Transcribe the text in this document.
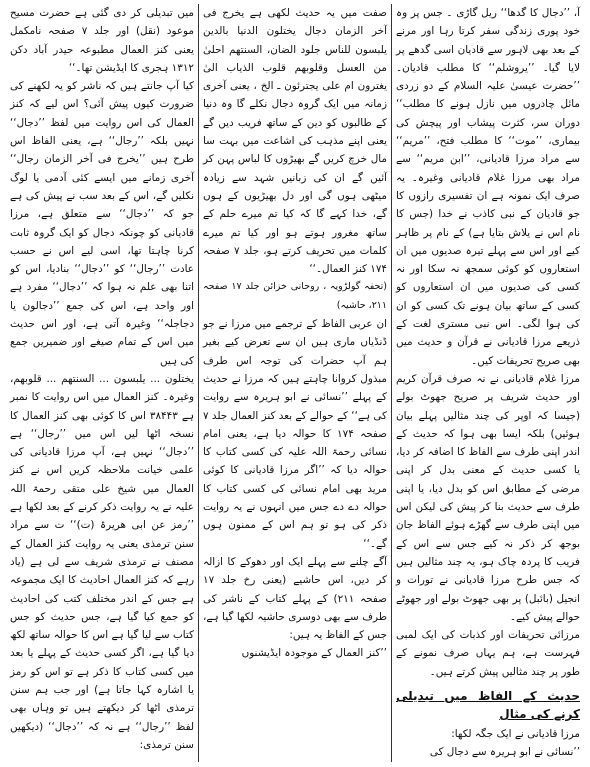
آ، ’’دجال کا گدھا‘‘ ریل گاڑی ۔ جس پر وہ خود پوری زندگی سفر کرتا رہا اور مرنے کے بعد بھی لاہور سے قادیان اسی گدھے پر لایا گیا۔ ’’یروشلم‘‘ کا مطلب قادیان۔ ’’حضرت عیسیٰ علیہ السلام کے دو زردی مائل چادروں میں نازل ہونے کا مطلب‘‘ دوران سر، کثرت پیشاب اور پیچش کی بیماری، ’’موت‘‘ کا مطلب فتح، ’’مریم‘‘ سے مراد مرزا قادیانی، ’’ابن مریم‘‘ سے مراد بھی مرزا غلام قادیانی وغیرہ۔ یہ صرف ایک نمونہ ہے ان تفسیری رازوں کا جو قادیان کے نبی کاذب نے خدا (جس کا نام اس نے یلاش بتایا ہے) کے نام پر ظاہر کیے اور اس سے پہلے تیرہ صدیوں میں ان استعاروں کو کوئی سمجھ نہ سکا اور نہ کسی کی صدیوں میں ان استعاروں کو کسی کے ساتھ بیان ہونے تک کسی کو ان کی ہوا لگی۔ اس نبی مستری لغت کے ذریعے مرزا قادیانی نے قرآن و حدیث میں بھی صریح تحریفات کیں۔

مرزا غلام قادیانی نے نہ صرف قرآن کریم اور حدیث شریف پر صریح جھوٹ بولے (جیسا کہ اوپر کی چند مثالیں پہلے بیان ہوئیں) بلکہ ایسا بھی ہوا کہ حدیث کے اندر اپنی طرف سے الفاظ کا اضافہ کر دیا، یا کسی حدیث کے معنی بدل کر اپنی مرضی کے مطابق اس کو بدل دیا، یا اپنی طرف سے حدیث بنا کر پیش کی لیکن اس میں اپنی طرف سے گھڑے ہوئے الفاظ جان بوجھ کر ذکر نہ کیے جس سے اس کے فریب کا پردہ چاک ہو، یہ چند مثالیں ہیں کہ جس طرح مرزا قادیانی نے تورات و انجیل (بائبل) پر بھی جھوٹ بولے اور جھوٹے حوالے پیش کیے۔

مرزائی تحریفات اور کذبات کی ایک لمبی فہرست ہے، ہم یہاں صرف نمونے کے طور پر چند مثالیں پیش کرتے ہیں۔

حدیث کے الفاظ میں تبدیلی کرنے کی مثال

مرزا قادیانی نے ایک جگہ لکھا:

’’نسائی نے ابو ہریرہ سے دجال کی

صفت میں یہ حدیث لکھی ہے یخرج فی آخر الزمان دجال یختلون الدنیا بالدین یلبسون للناس جلود الضان، السنتھم احلیٰ من العسل وقلوبھم قلوب الذیاب الیٰ یغترون ام علی یجترئون ـ الخ ، یعنی آخری زمانہ میں ایک گروہ دجال نکلے گا وہ دنیا کے طالبوں کو دین کے ساتھ فریب دیں گے یعنی اپنے مذہب کی اشاعت میں بہت سا مال خرچ کریں گے بھیڑوں کا لباس پہن کر آئیں گے ان کی زبانیں شہد سے زیادہ میٹھی ہوں گی اور دل بھیڑیوں کے ہوں گے، خدا کہے گا کہ کیا تم میرے حلم کے ساتھ مغرور ہوتے ہو اور کیا تم میرے کلمات میں تحریف کرتے ہو، جلد ۷ صفحہ ۱۷۴ کنز العمال۔‘‘

(تحفہ گولڑویہ ، روحانی خزائن جلد ۱۷ صفحہ ۲۱۱، حاشیہ)

ان عربی الفاظ کے ترجمے میں مرزا نے جو ڈنڈیاں ماری ہیں ان سے تعرض کیے بغیر ہم آپ حضرات کی توجہ اس طرف مبذول کروانا چاہتے ہیں کہ مرزا نے حدیث کے پہلے ’’نسائی نے ابو ہریرہ سے روایت کی ہے‘‘ کے حوالے کے بعد کنز العمال جلد ۷ صفحہ ۱۷۴ کا حوالہ دیا ہے، یعنی امام نسائی رحمۃ اللہ علیہ کی کسی کتاب کا حوالہ دیا کہ ’’اگر مرزا قادیانی کا کوئی مرید بھی امام نسائی کی کسی کتاب کا حوالہ دے دے جس میں انہوں نے یہ روایت ذکر کی ہو تو ہم اس کے ممنون ہوں گے۔‘‘

آگے چلنے سے پہلے ایک اور دھوکے کا ازالہ کر دیں، اس حاشیے (یعنی رخ جلد ۱۷ صفحہ ۲۱۱) کے پہلے کتاب کے ناشر کی طرف سے بھی دوسری حاشیہ لکھا گیا ہے، جس کے الفاظ یہ ہیں:

’’کنز العمال کے موجودہ ایڈیشنوں

میں تبدیلی کر دی گئی ہے حضرت مسیح موعود (نقل) اور جلد ۷ صفحہ نامکمل یعنی کنز العمال مطبوعہ حیدر آباد دکن ۱۳۱۲ ہجری کا ایڈیشن تھا۔‘‘

کیا آپ جانتے ہیں کہ ناشر کو یہ لکھنے کی ضرورت کیوں پیش آئی؟ اس لیے کہ کنز العمال کی اس روایت میں لفظ ’’دجال‘‘ نہیں بلکہ ’’رجال‘‘ ہے، یعنی الفاظ اس طرح ہیں ’’یخرج فی آخر الزمان رجال‘‘ آخری زمانے میں ایسے کئی آدمی یا لوگ نکلیں گے، اس کے بعد سب نے پیش کی ہے جو کہ ’’دجال‘‘ سے متعلق ہے، مرزا قادیانی کو چونکہ دجال کو ایک گروہ ثابت کرنا چاہتا تھا، اسی لیے اس نے حسب عادت ’’رجال‘‘ کو ’’دجال‘‘ بنادیا، اس کو اتنا بھی علم نہ ہوا کہ ’’دجال‘‘ مفرد ہے اور واحد ہے، اس کی جمع ’’دجالون یا دجاجلہ‘‘ وغیرہ آتی ہے، اور اس حدیث میں اس کے تمام صیغے اور ضمیریں جمع کی ہیں

یختلون ... یلبسون ... السنتھم ... قلوبھم، وغیرہ۔ کنز العمال میں اس روایت کا نمبر ہے ۳۸۴۴۳ اس کا کوئی بھی کنز العمال کا نسخہ اٹھا لیں اس میں ’’رجال‘‘ ہے ’’دجال‘‘ نہیں ہے، آپ مرزا قادیانی کی علمی خیانت ملاحظہ کریں اس نے کنز العمال میں شیخ علی متقی رحمۃ اللہ علیہ نے یہ روایت ذکر کرنے کے بعد لکھا ہے ’’رمز عن ابی ھریرۃ (ت)‘‘ ت سے مراد سنن ترمذی یعنی یہ روایت کنز العمال کے مصنف نے ترمذی شریف سے لی ہے (یاد رہے کہ کنز العمال احادیث کا ایک مجموعہ ہے جس کے اندر مختلف کتب کی احادیث کو جمع کیا گیا ہے، جس حدیث کو جس کتاب سے لیا گیا ہے اس کا حوالہ ساتھ لکھ دیا گیا ہے، اگر کسی حدیث کے پہلے یا بعد میں کسی کتاب کا ذکر ہے تو اس کو رمز یا اشارہ کہا جاتا ہے) اور جب ہم سنن ترمذی اٹھا کر دیکھتے ہیں تو وہاں بھی لفظ ’’رجال‘‘ ہے نہ کہ ’’دجال‘‘ (دیکھیں سنن ترمذی:
